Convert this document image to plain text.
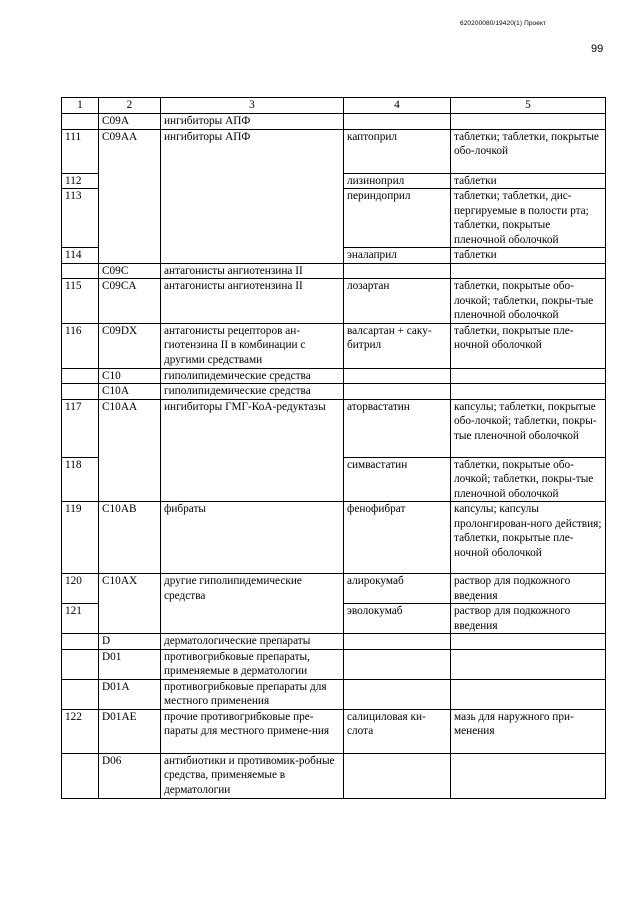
620200080/19420(1) Проект
99
1	2	3	4	5
	C09A	ингибиторы АПФ		
111	C09AA	ингибиторы АПФ	каптоприл	таблетки; таблетки, покрытые обо-лочкой
112			лизиноприл	таблетки
113			периндоприл	таблетки; таблетки, дис-пергируемые в полости рта; таблетки, покрытые пленочной оболочкой
114			эналаприл	таблетки
	C09C	антагонисты ангиотензина II		
115	C09CA	антагонисты ангиотензина II	лозартан	таблетки, покрытые обо-лочкой; таблетки, покры-тые пленочной оболочкой
116	C09DX	антагонисты рецепторов ан-гиотензина II в комбинации с другими средствами	валсартан + саку-битрил	таблетки, покрытые пле-ночной оболочкой
	C10	гиполипидемические средства		
	C10A	гиполипидемические средства		
117	C10AA	ингибиторы ГМГ-КоА-редуктазы	аторвастатин	капсулы; таблетки, покрытые обо-лочкой; таблетки, покры-тые пленочной оболочкой
118			симвастатин	таблетки, покрытые обо-лочкой; таблетки, покры-тые пленочной оболочкой
119	C10AB	фибраты	фенофибрат	капсулы; капсулы пролонгирован-ного действия; таблетки, покрытые пле-ночной оболочкой
120	C10AX	другие гиполипидемические средства	алирокумаб	раствор для подкожного введения
121			эволокумаб	раствор для подкожного введения
	D	дерматологические препараты		
	D01	противогрибковые препараты, применяемые в дерматологии		
	D01A	противогрибковые препараты для местного применения		
122	D01AE	прочие противогрибковые пре-параты для местного примене-ния	салициловая ки-слота	мазь для наружного при-менения
	D06	антибиотики и противомик-робные средства, применяемые в дерматологии		
